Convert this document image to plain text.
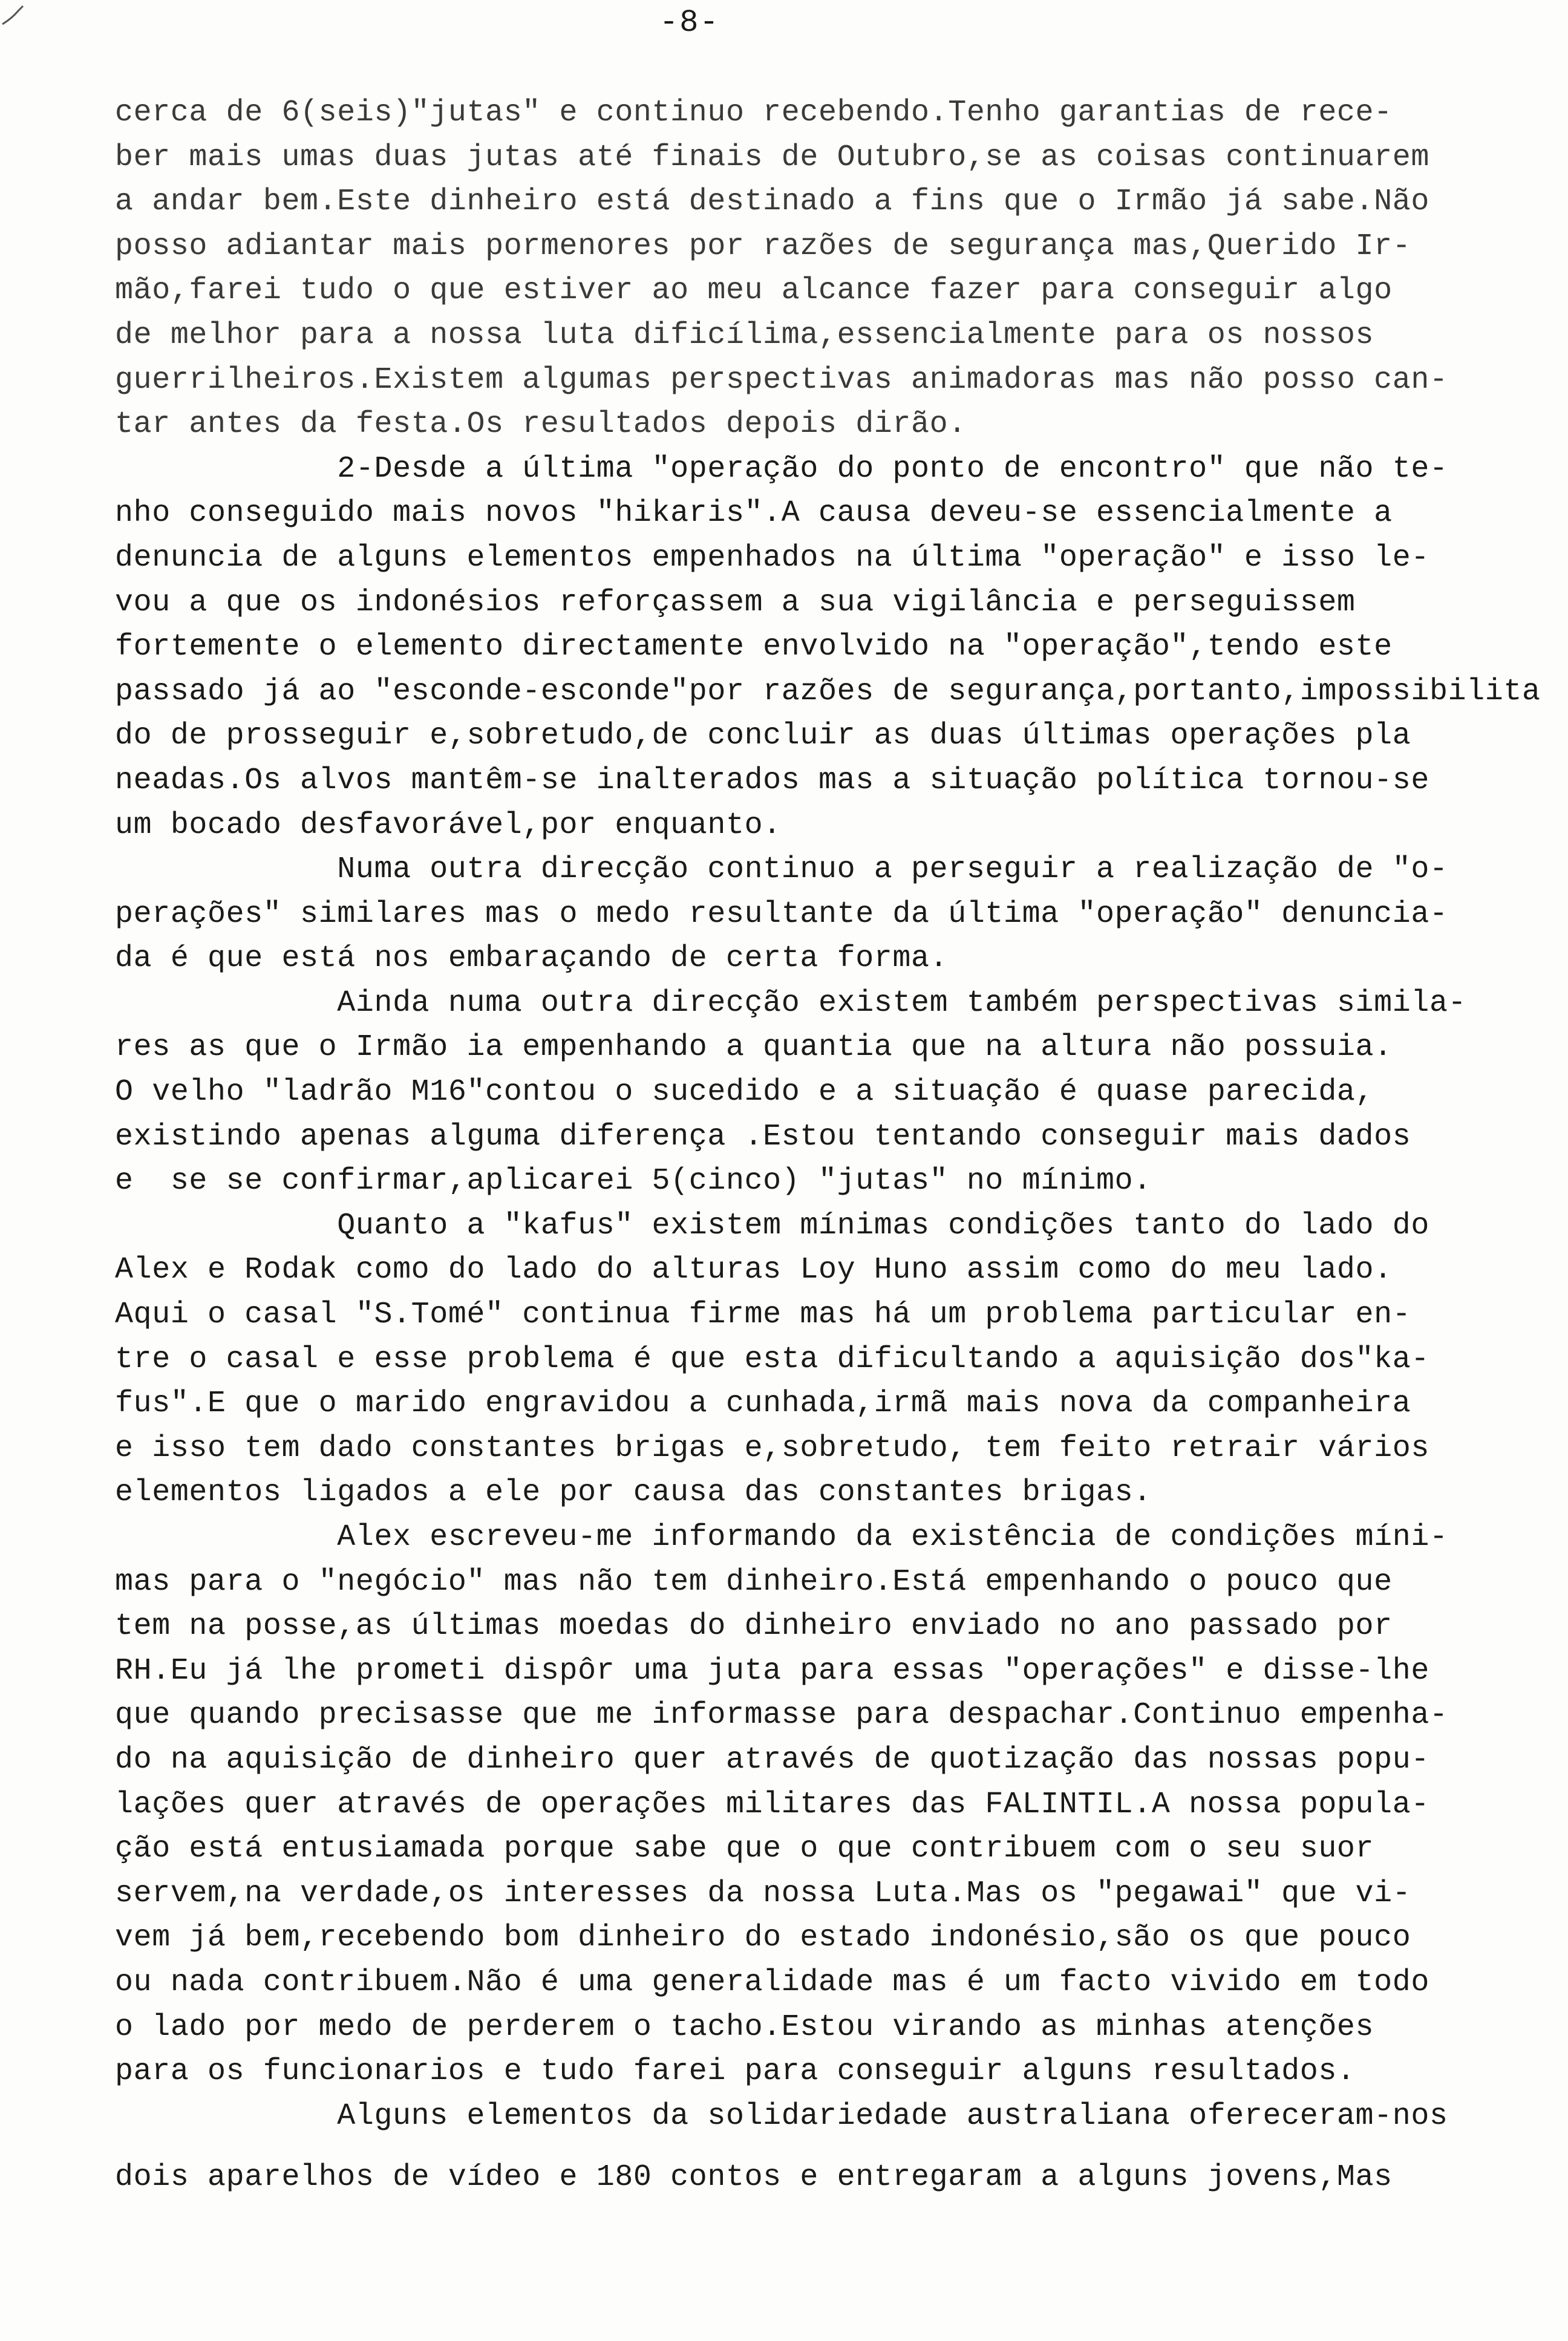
-8-
cerca de 6(seis)"jutas" e continuo recebendo.Tenho garantias de rece-
ber mais umas duas jutas até finais de Outubro,se as coisas continuarem
a andar bem.Este dinheiro está destinado a fins que o Irmão já sabe.Não
posso adiantar mais pormenores por razões de segurança mas,Querido Ir-
mão,farei tudo o que estiver ao meu alcance fazer para conseguir algo
de melhor para a nossa luta dificílima,essencialmente para os nossos
guerrilheiros.Existem algumas perspectivas animadoras mas não posso can-
tar antes da festa.Os resultados depois dirão.
2-Desde a última "operação do ponto de encontro" que não te-
nho conseguido mais novos "hikaris".A causa deveu-se essencialmente a
denuncia de alguns elementos empenhados na última "operação" e isso le-
vou a que os indonésios reforçassem a sua vigilância e perseguissem
fortemente o elemento directamente envolvido na "operação",tendo este
passado já ao "esconde-esconde"por razões de segurança,portanto,impossibilita
do de prosseguir e,sobretudo,de concluir as duas últimas operações pla
neadas.Os alvos mantêm-se inalterados mas a situação política tornou-se
um bocado desfavorável,por enquanto.
Numa outra direcção continuo a perseguir a realização de "o-
perações" similares mas o medo resultante da última "operação" denuncia-
da é que está nos embaraçando de certa forma.
Ainda numa outra direcção existem também perspectivas simila-
res as que o Irmão ia empenhando a quantia que na altura não possuia.
O velho "ladrão M16"contou o sucedido e a situação é quase parecida,
existindo apenas alguma diferença .Estou tentando conseguir mais dados
e  se se confirmar,aplicarei 5(cinco) "jutas" no mínimo.
Quanto a "kafus" existem mínimas condições tanto do lado do
Alex e Rodak como do lado do alturas Loy Huno assim como do meu lado.
Aqui o casal "S.Tomé" continua firme mas há um problema particular en-
tre o casal e esse problema é que esta dificultando a aquisição dos"ka-
fus".E que o marido engravidou a cunhada,irmã mais nova da companheira
e isso tem dado constantes brigas e,sobretudo, tem feito retrair vários
elementos ligados a ele por causa das constantes brigas.
Alex escreveu-me informando da existência de condições míni-
mas para o "negócio" mas não tem dinheiro.Está empenhando o pouco que
tem na posse,as últimas moedas do dinheiro enviado no ano passado por
RH.Eu já lhe prometi dispôr uma juta para essas "operações" e disse-lhe
que quando precisasse que me informasse para despachar.Continuo empenha-
do na aquisição de dinheiro quer através de quotização das nossas popu-
lações quer através de operações militares das FALINTIL.A nossa popula-
ção está entusiamada porque sabe que o que contribuem com o seu suor
servem,na verdade,os interesses da nossa Luta.Mas os "pegawai" que vi-
vem já bem,recebendo bom dinheiro do estado indonésio,são os que pouco
ou nada contribuem.Não é uma generalidade mas é um facto vivido em todo
o lado por medo de perderem o tacho.Estou virando as minhas atenções
para os funcionarios e tudo farei para conseguir alguns resultados.
Alguns elementos da solidariedade australiana ofereceram-nos
dois aparelhos de vídeo e 180 contos e entregaram a alguns jovens,Mas
